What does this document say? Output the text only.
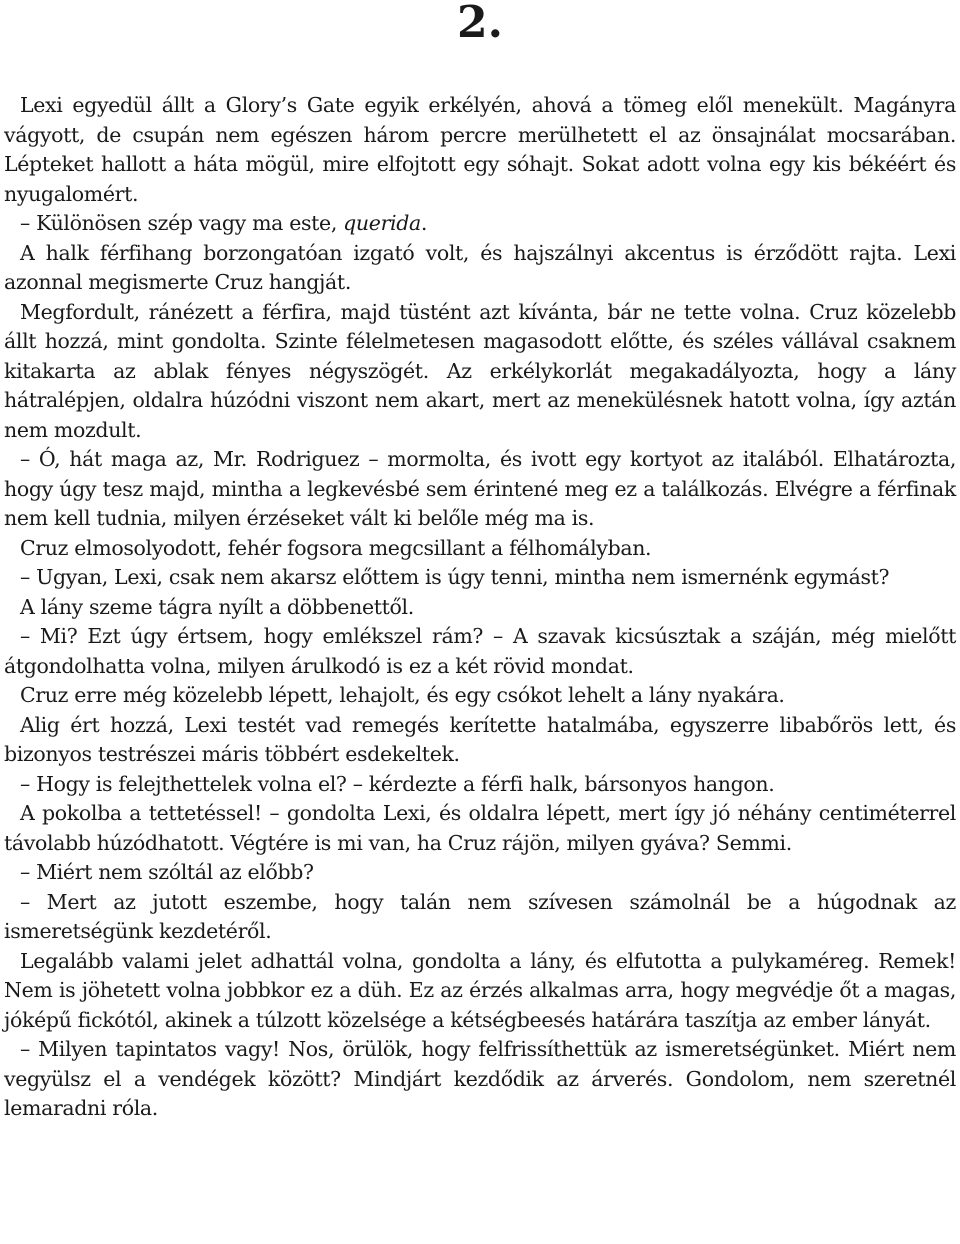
2.

Lexi egyedül állt a Glory’s Gate egyik erkélyén, ahová a tömeg elől menekült. Magányra vágyott, de csupán nem egészen három percre merülhetett el az önsajnálat mocsarában. Lépteket hallott a háta mögül, mire elfojtott egy sóhajt. Sokat adott volna egy kis békéért és nyugalomért.

– Különösen szép vagy ma este, querida.

A halk férfihang borzongatóan izgató volt, és hajszálnyi akcentus is érződött rajta. Lexi azonnal megismerte Cruz hangját.

Megfordult, ránézett a férfira, majd tüstént azt kívánta, bár ne tette volna. Cruz közelebb állt hozzá, mint gondolta. Szinte félelmetesen magasodott előtte, és széles vállával csaknem kitakarta az ablak fényes négyszögét. Az erkélykorlát megakadályozta, hogy a lány hátralépjen, oldalra húzódni viszont nem akart, mert az menekülésnek hatott volna, így aztán nem mozdult.

– Ó, hát maga az, Mr. Rodriguez – mormolta, és ivott egy kortyot az italából. Elhatározta, hogy úgy tesz majd, mintha a legkevésbé sem érintené meg ez a találkozás. Elvégre a férfinak nem kell tudnia, milyen érzéseket vált ki belőle még ma is.

Cruz elmosolyodott, fehér fogsora megcsillant a félhomályban.

– Ugyan, Lexi, csak nem akarsz előttem is úgy tenni, mintha nem ismernénk egymást?

A lány szeme tágra nyílt a döbbenettől.

– Mi? Ezt úgy értsem, hogy emlékszel rám? – A szavak kicsúsztak a száján, még mielőtt átgondolhatta volna, milyen árulkodó is ez a két rövid mondat.

Cruz erre még közelebb lépett, lehajolt, és egy csókot lehelt a lány nyakára.

Alig ért hozzá, Lexi testét vad remegés kerítette hatalmába, egyszerre libabőrös lett, és bizonyos testrészei máris többért esdekeltek.

– Hogy is felejthettelek volna el? – kérdezte a férfi halk, bársonyos hangon.

A pokolba a tettetéssel! – gondolta Lexi, és oldalra lépett, mert így jó néhány centiméterrel távolabb húzódhatott. Végtére is mi van, ha Cruz rájön, milyen gyáva? Semmi.

– Miért nem szóltál az előbb?

– Mert az jutott eszembe, hogy talán nem szívesen számolnál be a húgodnak az ismeretségünk kezdetéről.

Legalább valami jelet adhattál volna, gondolta a lány, és elfutotta a pulykaméreg. Remek! Nem is jöhetett volna jobbkor ez a düh. Ez az érzés alkalmas arra, hogy megvédje őt a magas, jóképű fickótól, akinek a túlzott közelsége a kétségbeesés határára taszítja az ember lányát.

– Milyen tapintatos vagy! Nos, örülök, hogy felfrissíthettük az ismeretségünket. Miért nem vegyülsz el a vendégek között? Mindjárt kezdődik az árverés. Gondolom, nem szeretnél lemaradni róla.
